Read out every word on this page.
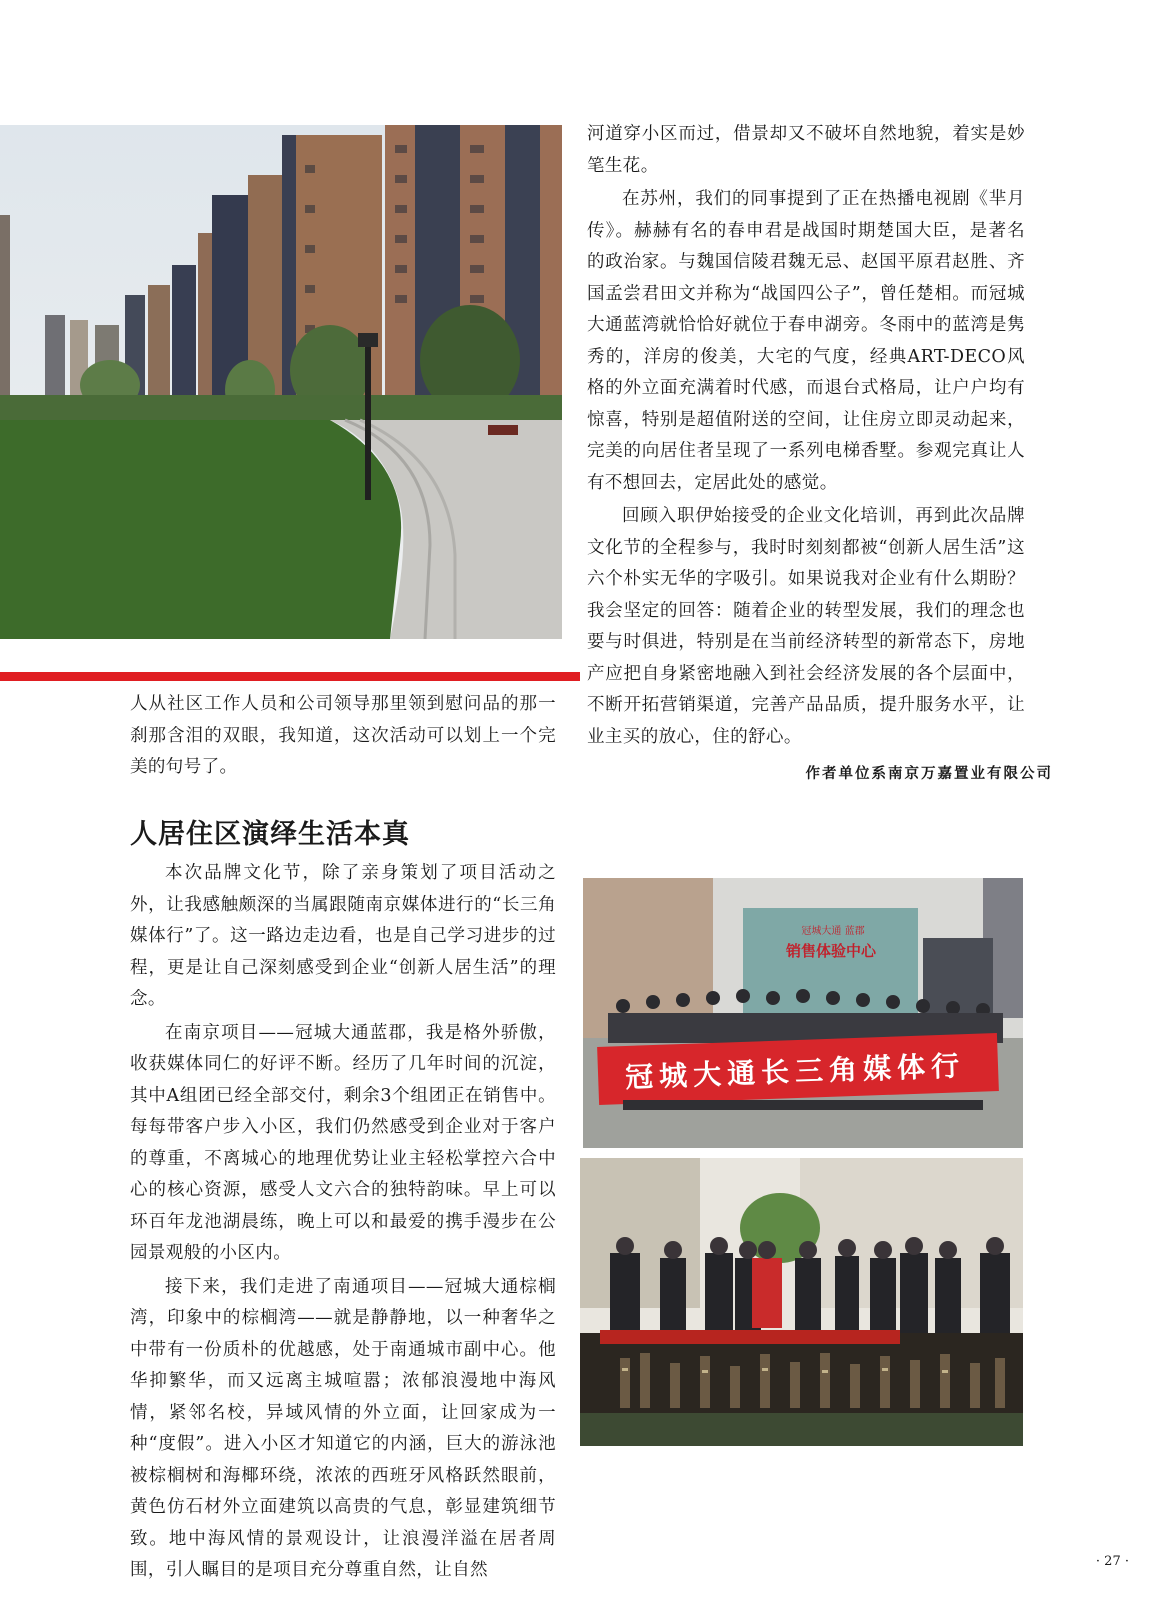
河道穿小区而过，借景却又不破坏自然地貌，着实是妙笔生花。

在苏州，我们的同事提到了正在热播电视剧《芈月传》。赫赫有名的春申君是战国时期楚国大臣，是著名的政治家。与魏国信陵君魏无忌、赵国平原君赵胜、齐国孟尝君田文并称为“战国四公子”，曾任楚相。而冠城大通蓝湾就恰恰好就位于春申湖旁。冬雨中的蓝湾是隽秀的，洋房的俊美，大宅的气度，经典ART-DECO风格的外立面充满着时代感，而退台式格局，让户户均有惊喜，特别是超值附送的空间，让住房立即灵动起来，完美的向居住者呈现了一系列电梯香墅。参观完真让人有不想回去，定居此处的感觉。

回顾入职伊始接受的企业文化培训，再到此次品牌文化节的全程参与，我时时刻刻都被“创新人居生活”这六个朴实无华的字吸引。如果说我对企业有什么期盼？我会坚定的回答：随着企业的转型发展，我们的理念也要与时俱进，特别是在当前经济转型的新常态下，房地产应把自身紧密地融入到社会经济发展的各个层面中，不断开拓营销渠道，完善产品品质，提升服务水平，让业主买的放心，住的舒心。

作者单位系南京万嘉置业有限公司

人从社区工作人员和公司领导那里领到慰问品的那一刹那含泪的双眼，我知道，这次活动可以划上一个完美的句号了。

人居住区演绎生活本真

本次品牌文化节，除了亲身策划了项目活动之外，让我感触颇深的当属跟随南京媒体进行的“长三角媒体行”了。这一路边走边看，也是自己学习进步的过程，更是让自己深刻感受到企业“创新人居生活”的理念。

在南京项目——冠城大通蓝郡，我是格外骄傲，收获媒体同仁的好评不断。经历了几年时间的沉淀，其中A组团已经全部交付，剩余3个组团正在销售中。每每带客户步入小区，我们仍然感受到企业对于客户的尊重，不离城心的地理优势让业主轻松掌控六合中心的核心资源，感受人文六合的独特韵味。早上可以环百年龙池湖晨练，晚上可以和最爱的携手漫步在公园景观般的小区内。

接下来，我们走进了南通项目——冠城大通棕榈湾，印象中的棕榈湾——就是静静地，以一种奢华之中带有一份质朴的优越感，处于南通城市副中心。他华抑繁华，而又远离主城喧嚣；浓郁浪漫地中海风情，紧邻名校，异域风情的外立面，让回家成为一种“度假”。进入小区才知道它的内涵，巨大的游泳池被棕榈树和海椰环绕，浓浓的西班牙风格跃然眼前，黄色仿石材外立面建筑以高贵的气息，彰显建筑细节致。地中海风情的景观设计，让浪漫洋溢在居者周围，引人瞩目的是项目充分尊重自然，让自然

销售体验中心
冠城大通 蓝郡
冠城大通长三角媒体行
· 27 ·
